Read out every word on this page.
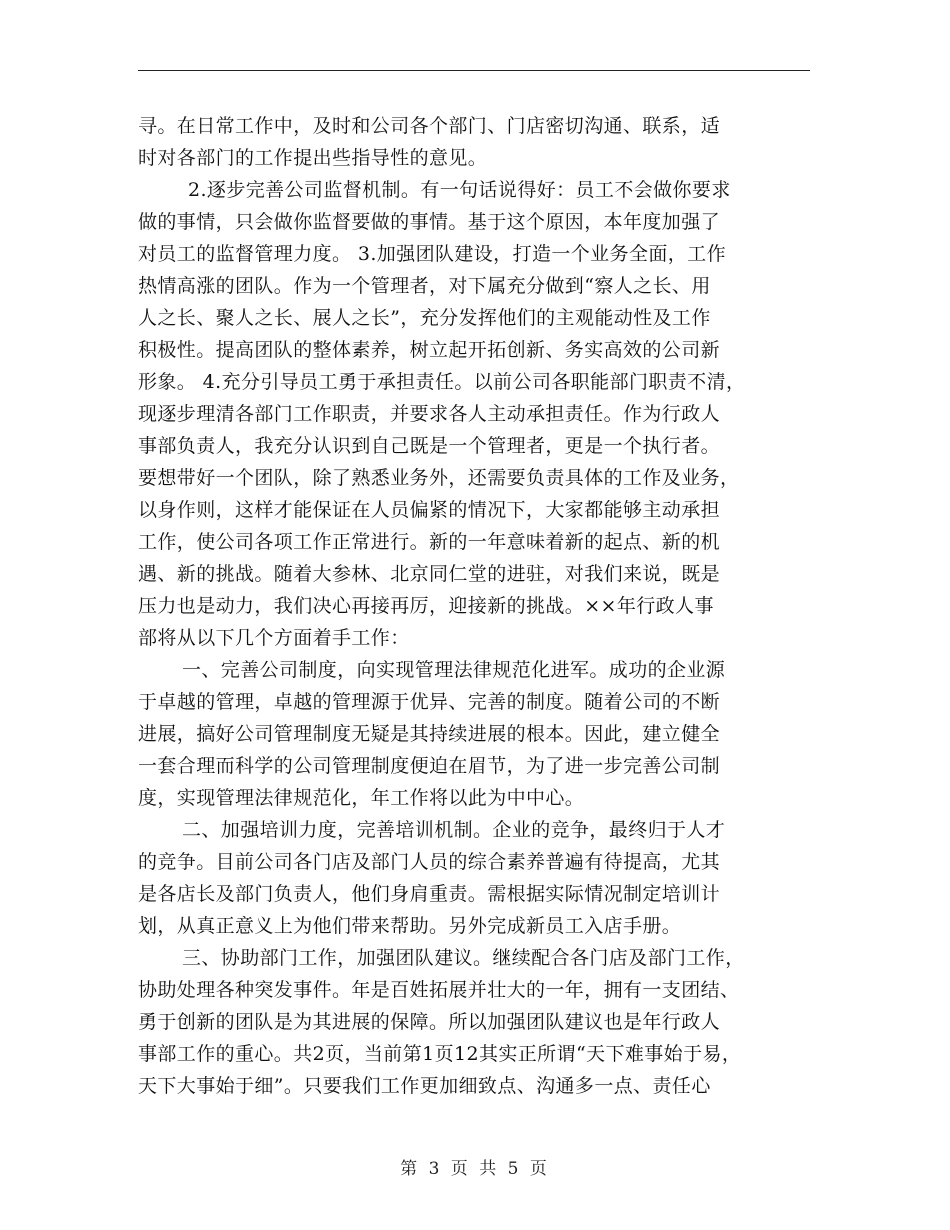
寻。在日常工作中，及时和公司各个部门、门店密切沟通、联系，适
时对各部门的工作提出些指导性的意见。
2.逐步完善公司监督机制。有一句话说得好：员工不会做你要求
做的事情，只会做你监督要做的事情。基于这个原因，本年度加强了
对员工的监督管理力度。 3.加强团队建设，打造一个业务全面，工作
热情高涨的团队。作为一个管理者，对下属充分做到“察人之长、用
人之长、聚人之长、展人之长”，充分发挥他们的主观能动性及工作
积极性。提高团队的整体素养，树立起开拓创新、务实高效的公司新
形象。 4.充分引导员工勇于承担责任。以前公司各职能部门职责不清，
现逐步理清各部门工作职责，并要求各人主动承担责任。作为行政人
事部负责人，我充分认识到自己既是一个管理者，更是一个执行者。
要想带好一个团队，除了熟悉业务外，还需要负责具体的工作及业务，
以身作则，这样才能保证在人员偏紧的情况下，大家都能够主动承担
工作，使公司各项工作正常进行。新的一年意味着新的起点、新的机
遇、新的挑战。随着大参林、北京同仁堂的进驻，对我们来说，既是
压力也是动力，我们决心再接再厉，迎接新的挑战。××年行政人事
部将从以下几个方面着手工作：
一、完善公司制度，向实现管理法律规范化进军。成功的企业源
于卓越的管理，卓越的管理源于优异、完善的制度。随着公司的不断
进展，搞好公司管理制度无疑是其持续进展的根本。因此，建立健全
一套合理而科学的公司管理制度便迫在眉节，为了进一步完善公司制
度，实现管理法律规范化，年工作将以此为中中心。
二、加强培训力度，完善培训机制。企业的竞争，最终归于人才
的竞争。目前公司各门店及部门人员的综合素养普遍有待提高，尤其
是各店长及部门负责人，他们身肩重责。需根据实际情况制定培训计
划，从真正意义上为他们带来帮助。另外完成新员工入店手册。
三、协助部门工作，加强团队建议。继续配合各门店及部门工作，
协助处理各种突发事件。年是百姓拓展并壮大的一年，拥有一支团结、
勇于创新的团队是为其进展的保障。所以加强团队建议也是年行政人
事部工作的重心。共2页，当前第1页12其实正所谓“天下难事始于易，
天下大事始于细”。只要我们工作更加细致点、沟通多一点、责任心
第 3 页 共 5 页
